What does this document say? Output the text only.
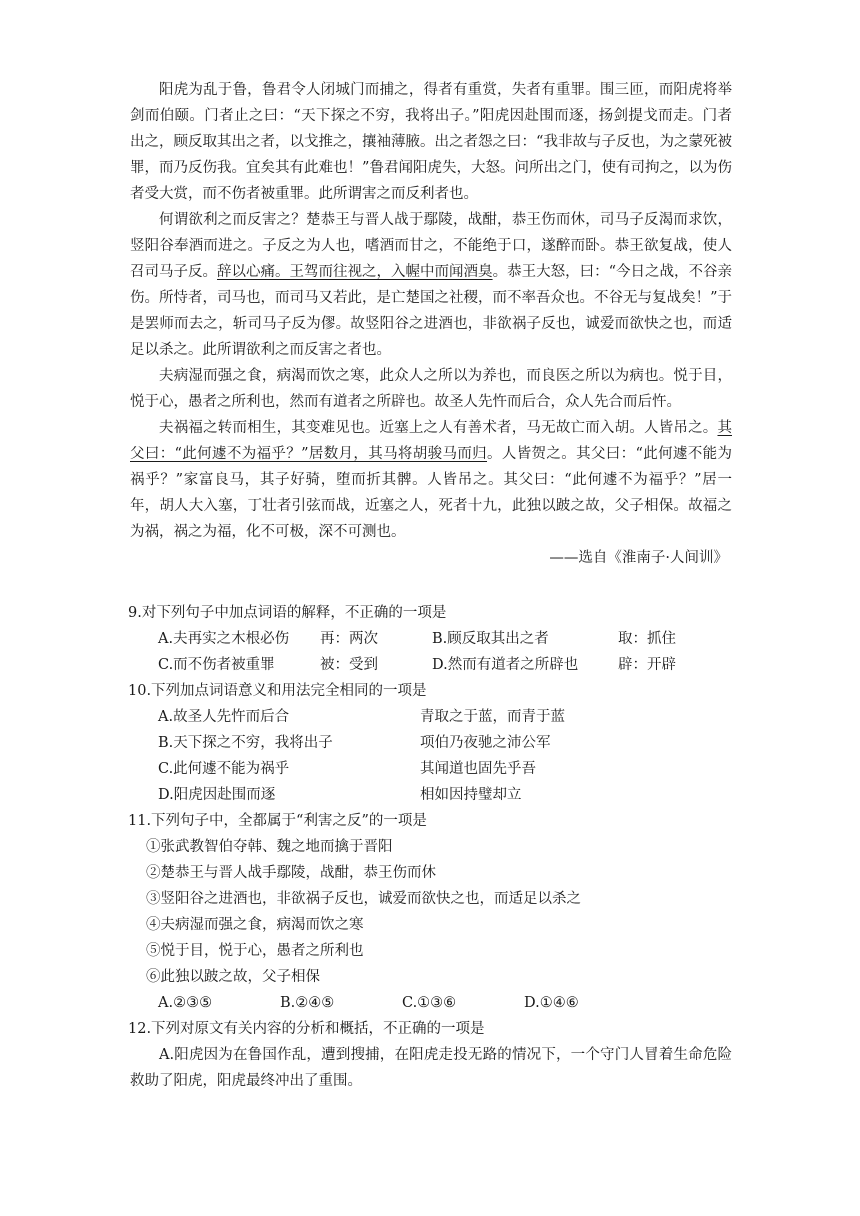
阳虎为乱于鲁，鲁君令人闭城门而捕之，得者有重赏，失者有重罪。围三匝，而阳虎将举剑而伯颐。门者止之曰：“天下探之不穷，我将出子。”阳虎因赴围而逐，扬剑提戈而走。门者出之，顾反取其出之者，以戈推之，攘袖薄腋。出之者怨之曰：“我非故与子反也，为之蒙死被罪，而乃反伤我。宜矣其有此难也！”鲁君闻阳虎失，大怒。问所出之门，使有司拘之，以为伤者受大赏，而不伤者被重罪。此所谓害之而反利者也。

何谓欲利之而反害之？楚恭王与晋人战于鄢陵，战酣，恭王伤而休，司马子反渴而求饮，竖阳谷奉酒而进之。子反之为人也，嗜酒而甘之，不能绝于口，遂醉而卧。恭王欲复战，使人召司马子反。辞以心痛。王驾而往视之，入幄中而闻酒臭。恭王大怒，曰：“今日之战，不谷亲伤。所恃者，司马也，而司马又若此，是亡楚国之社稷，而不率吾众也。不谷无与复战矣！”于是罢师而去之，斩司马子反为僇。故竖阳谷之进酒也，非欲祸子反也，诚爱而欲快之也，而适足以杀之。此所谓欲利之而反害之者也。

夫病湿而强之食，病渴而饮之寒，此众人之所以为养也，而良医之所以为病也。悦于目，悦于心，愚者之所利也，然而有道者之所辟也。故圣人先忤而后合，众人先合而后忤。

夫祸福之转而相生，其变难见也。近塞上之人有善术者，马无故亡而入胡。人皆吊之。其父曰：“此何遽不为福乎？”居数月，其马将胡骏马而归。人皆贺之。其父曰：“此何遽不能为祸乎？”家富良马，其子好骑，堕而折其髀。人皆吊之。其父曰：“此何遽不为福乎？”居一年，胡人大入塞，丁壮者引弦而战，近塞之人，死者十九，此独以跛之故，父子相保。故福之为祸，祸之为福，化不可极，深不可测也。

——选自《淮南子·人间训》

9.对下列句子中加点词语的解释，不正确的一项是

A.夫再实之木根必伤	再：两次	B.顾反取其出之者	取：抓住
C.而不伤者被重罪	被：受到	D.然而有道者之所辟也	辟：开辟

10.下列加点词语意义和用法完全相同的一项是

A.故圣人先忤而后合	青取之于蓝，而青于蓝
B.天下探之不穷，我将出子	项伯乃夜驰之沛公军
C.此何遽不能为祸乎	其闻道也固先乎吾
D.阳虎因赴围而逐	相如因持璧却立

11.下列句子中，全都属于“利害之反”的一项是

①张武教智伯夺韩、魏之地而擒于晋阳

②楚恭王与晋人战手鄢陵，战酣，恭王伤而休

③竖阳谷之进酒也，非欲祸子反也，诚爱而欲快之也，而适足以杀之

④夫病湿而强之食，病渴而饮之寒

⑤悦于目，悦于心，愚者之所利也

⑥此独以跛之故，父子相保

A.②③⑤	B.②④⑤	C.①③⑥	D.①④⑥

12.下列对原文有关内容的分析和概括，不正确的一项是

A.阳虎因为在鲁国作乱，遭到搜捕，在阳虎走投无路的情况下，一个守门人冒着生命危险救助了阳虎，阳虎最终冲出了重围。
